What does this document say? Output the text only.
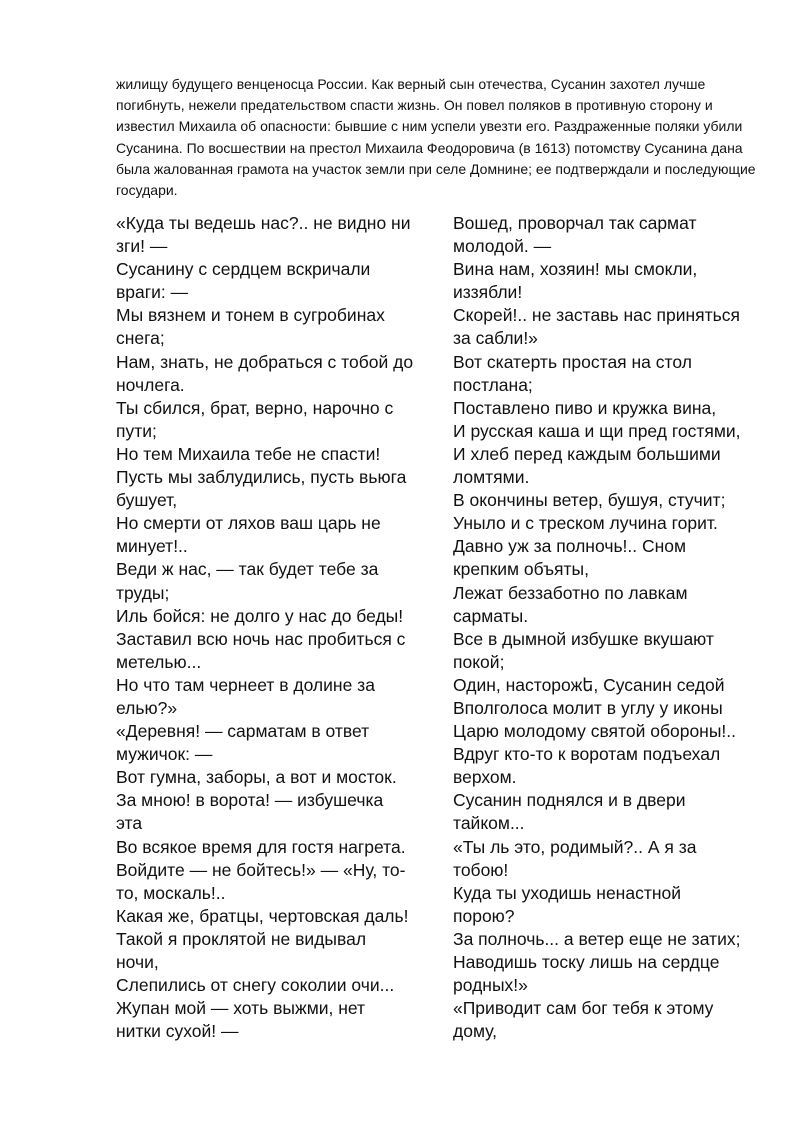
жилищу будущего венценосца России. Как верный сын отечества, Сусанин захотел лучше
погибнуть, нежели предательством спасти жизнь. Он повел поляков в противную сторону и
известил Михаила об опасности: бывшие с ним успели увезти его. Раздраженные поляки убили
Сусанина. По восшествии на престол Михаила Феодоровича (в 1613) потомству Сусанина дана
была жалованная грамота на участок земли при селе Домнине; ее подтверждали и последующие
государи.
«Куда ты ведешь нас?.. не видно ни
зги! —
Сусанину с сердцем вскричали
враги: —
Мы вязнем и тонем в сугробинах
снега;
Нам, знать, не добраться с тобой до
ночлега.
Ты сбился, брат, верно, нарочно с
пути;
Но тем Михаила тебе не спасти!
Пусть мы заблудились, пусть вьюга
бушует,
Но смерти от ляхов ваш царь не
минует!..
Веди ж нас, — так будет тебе за
труды;
Иль бойся: не долго у нас до беды!
Заставил всю ночь нас пробиться с
метелью...
Но что там чернеет в долине за
елью?»
«Деревня! — сарматам в ответ
мужичок: —
Вот гумна, заборы, а вот и мосток.
За мною! в ворота! — избушечка
эта
Во всякое время для гостя нагрета.
Войдите — не бойтесь!» — «Ну, то-
то, москаль!..
Какая же, братцы, чертовская даль!
Такой я проклятой не видывал
ночи,
Слепились от снегу соколии очи...
Жупан мой — хоть выжми, нет
нитки сухой! —
Вошед, проворчал так сармат
молодой. —
Вина нам, хозяин! мы смокли,
иззябли!
Скорей!.. не заставь нас приняться
за сабли!»
Вот скатерть простая на стол
постлана;
Поставлено пиво и кружка вина,
И русская каша и щи пред гостями,
И хлеб перед каждым большими
ломтями.
В окончины ветер, бушуя, стучит;
Уныло и с треском лучина горит.
Давно уж за полночь!.. Сном
крепким объяты,
Лежат беззаботно по лавкам
сарматы.
Все в дымной избушке вкушают
покой;
Один, насторожե, Сусанин седой
Вполголоса молит в углу у иконы
Царю молодому святой обороны!..
Вдруг кто-то к воротам подъехал
верхом.
Сусанин поднялся и в двери
тайком...
«Ты ль это, родимый?.. А я за
тобою!
Куда ты уходишь ненастной
порою?
За полночь... а ветер еще не затих;
Наводишь тоску лишь на сердце
родных!»
«Приводит сам бог тебя к этому
дому,
